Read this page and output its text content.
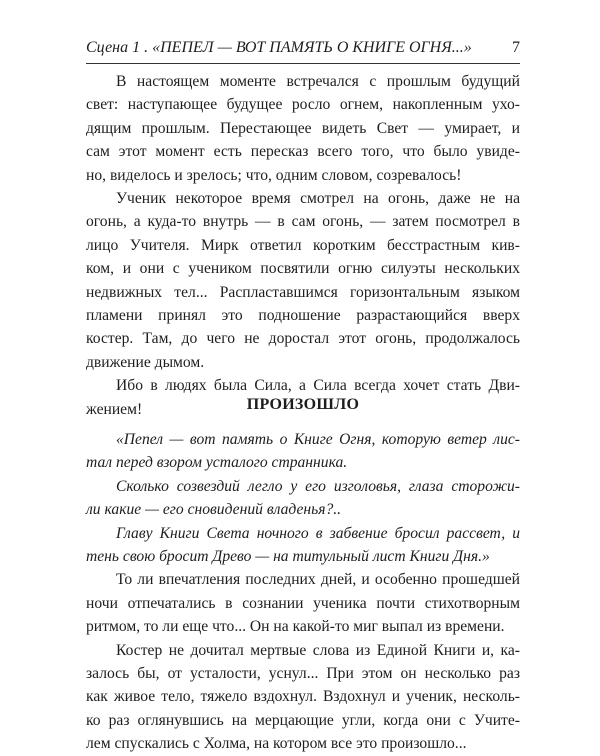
Сцена 1 . «ПЕПЕЛ — ВОТ ПАМЯТЬ О КНИГЕ ОГНЯ...»	7

В настоящем моменте встречался с прошлым будущий
свет: наступающее будущее росло огнем, накопленным ухо-
дящим прошлым. Перестающее видеть Свет — умирает, и
сам этот момент есть пересказ всего того, что было увиде-
но, виделось и зрелось; что, одним словом, созревалось!

Ученик некоторое время смотрел на огонь, даже не на
огонь, а куда-то внутрь — в сам огонь, — затем посмотрел в
лицо Учителя. Мирк ответил коротким бесстрастным кив-
ком, и они с учеником посвятили огню силуэты нескольких
недвижных тел... Распластавшимся горизонтальным языком
пламени принял это подношение разрастающийся вверх
костер. Там, до чего не доростал этот огонь, продолжалось
движение дымом.

Ибо в людях была Сила, а Сила всегда хочет стать Дви-
жением!	ПРОИЗОШЛО

«Пепел — вот память о Книге Огня, которую ветер лис-
тал перед взором усталого странника.

Сколько созвездий легло у его изголовья, глаза сторожи-
ли какие — его сновидений владенья?..

Главу Книги Света ночного в забвение бросил рассвет, и
тень свою бросит Древо — на титульный лист Книги Дня.»

То ли впечатления последних дней, и особенно прошедшей
ночи отпечатались в сознании ученика почти стихотворным
ритмом, то ли еще что... Он на какой-то миг выпал из времени.

Костер не дочитал мертвые слова из Единой Книги и, ка-
залось бы, от усталости, уснул... При этом он несколько раз
как живое тело, тяжело вздохнул. Вздохнул и ученик, несколь-
ко раз оглянувшись на мерцающие угли, когда они с Учите-
лем спускались с Холма, на котором все это произошло...
